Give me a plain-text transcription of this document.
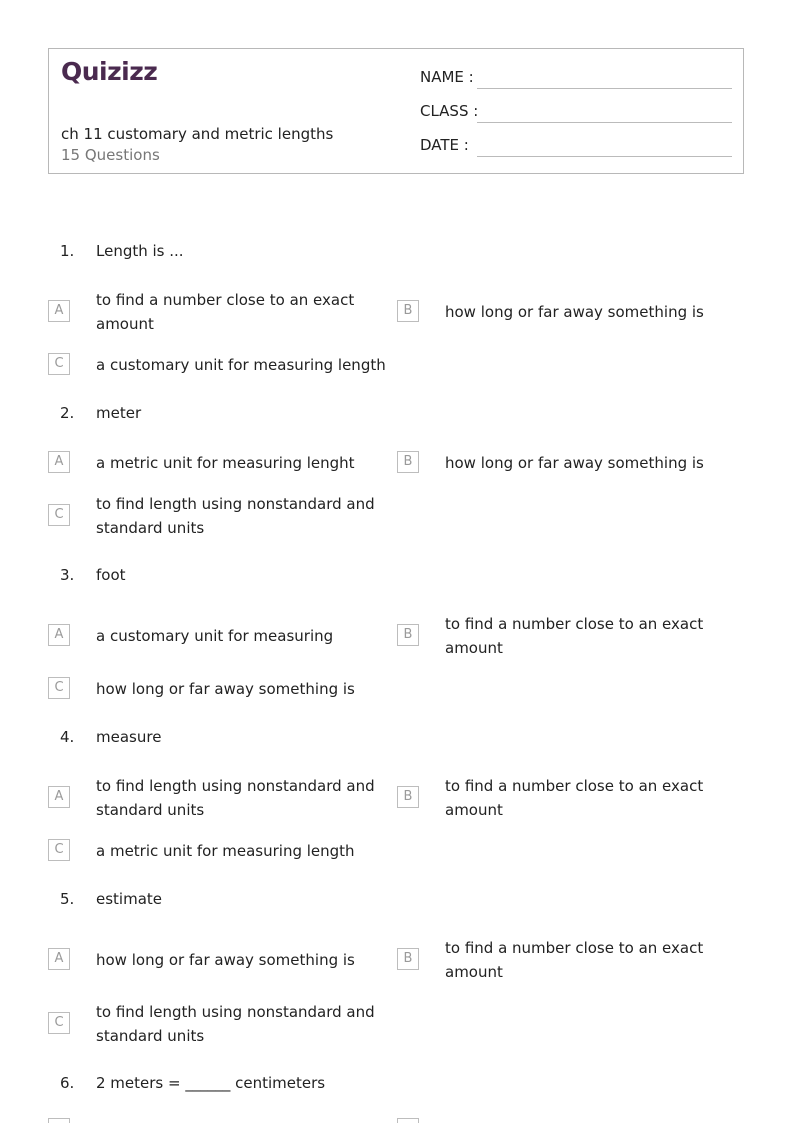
Quizizz
ch 11 customary and metric lengths
15 Questions
NAME :
CLASS :
DATE :
1. Length is ...
A
to find a number close to an exact amount
B	how long or far away something is
C	a customary unit for measuring length
2. meter
A	a metric unit for measuring lenght	B	how long or far away something is
C
to find length using nonstandard and standard units
3. foot
A	a customary unit for measuring	B
to find a number close to an exact amount
C	how long or far away something is
4. measure
A
to find length using nonstandard and standard units
B
to find a number close to an exact amount
C	a metric unit for measuring length
5. estimate
A	how long or far away something is	B
to find a number close to an exact amount
C
to find length using nonstandard and standard units
6. 2 meters = ______ centimeters
